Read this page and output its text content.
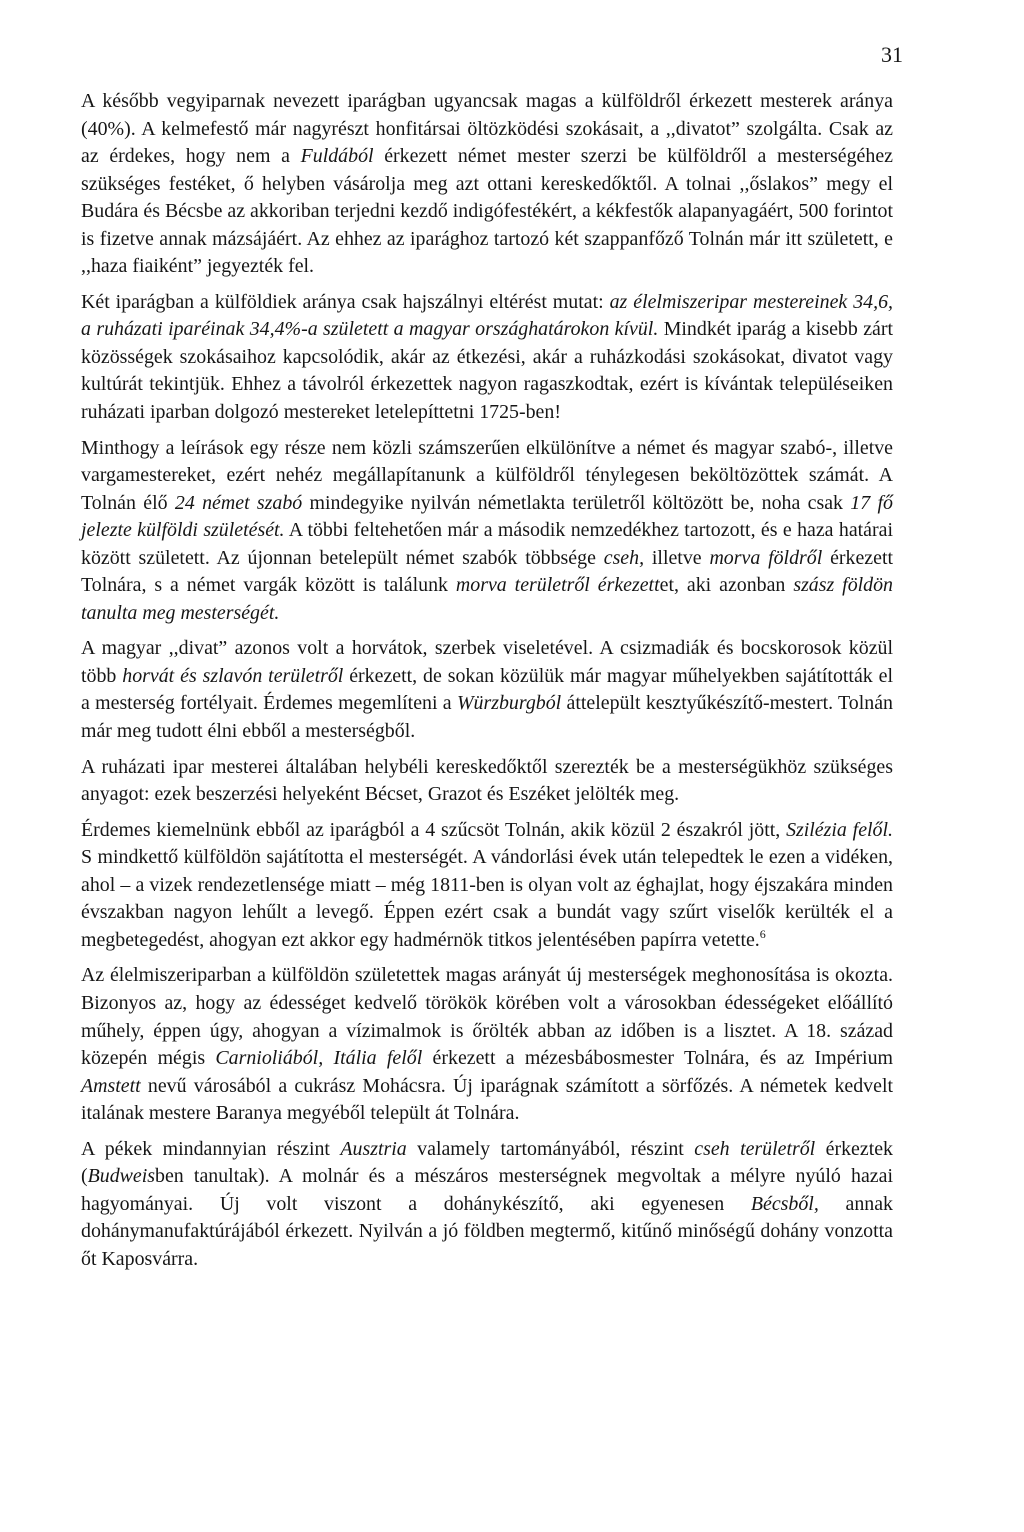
31

A később vegyiparnak nevezett iparágban ugyancsak magas a külföldről érkezett mesterek aránya (40%). A kelmefestő már nagyrészt honfitársai öltözködési szokásait, a ,,divatot” szolgálta. Csak az az érdekes, hogy nem a Fuldából érkezett német mester szerzi be külföldről a mesterségéhez szükséges festéket, ő helyben vásárolja meg azt ottani kereskedőktől. A tolnai ,,őslakos” megy el Budára és Bécsbe az akkoriban terjedni kezdő indigófestékért, a kékfestők alapanyagáért, 500 forintot is fizetve annak mázsájáért. Az ehhez az iparághoz tartozó két szappanfőző Tolnán már itt született, e ,,haza fiaiként” jegyezték fel.

Két iparágban a külföldiek aránya csak hajszálnyi eltérést mutat: az élelmiszeripar mestereinek 34,6, a ruházati iparéinak 34,4%-a született a magyar országhatárokon kívül. Mindkét iparág a kisebb zárt közösségek szokásaihoz kapcsolódik, akár az étkezési, akár a ruházkodási szokásokat, divatot vagy kultúrát tekintjük. Ehhez a távolról érkezettek nagyon ragaszkodtak, ezért is kívántak településeiken ruházati iparban dolgozó mestereket letelepíttetni 1725-ben!

Minthogy a leírások egy része nem közli számszerűen elkülönítve a német és magyar szabó-, illetve vargamestereket, ezért nehéz megállapítanunk a külföldről ténylegesen beköltözöttek számát. A Tolnán élő 24 német szabó mindegyike nyilván németlakta területről költözött be, noha csak 17 fő jelezte külföldi születését. A többi feltehetően már a második nemzedékhez tartozott, és e haza határai között született. Az újonnan betelepült német szabók többsége cseh, illetve morva földről érkezett Tolnára, s a német vargák között is találunk morva területről érkezettet, aki azonban szász földön tanulta meg mesterségét.

A magyar ,,divat” azonos volt a horvátok, szerbek viseletével. A csizmadiák és bocskorosok közül több horvát és szlavón területről érkezett, de sokan közülük már magyar műhelyekben sajátították el a mesterség fortélyait. Érdemes megemlíteni a Würzburgból áttelepült kesztyűkészítő-mestert. Tolnán már meg tudott élni ebből a mesterségből.

A ruházati ipar mesterei általában helybéli kereskedőktől szerezték be a mesterségükhöz szükséges anyagot: ezek beszerzési helyeként Bécset, Grazot és Eszéket jelölték meg.

Érdemes kiemelnünk ebből az iparágból a 4 szűcsöt Tolnán, akik közül 2 északról jött, Szilézia felől. S mindkettő külföldön sajátította el mesterségét. A vándorlási évek után telepedtek le ezen a vidéken, ahol – a vizek rendezetlensége miatt – még 1811-ben is olyan volt az éghajlat, hogy éjszakára minden évszakban nagyon lehűlt a levegő. Éppen ezért csak a bundát vagy szűrt viselők kerülték el a megbetegedést, ahogyan ezt akkor egy hadmérnök titkos jelentésében papírra vetette.$^6$

Az élelmiszeriparban a külföldön születettek magas arányát új mesterségek meghonosítása is okozta. Bizonyos az, hogy az édességet kedvelő törökök körében volt a városokban édességeket előállító műhely, éppen úgy, ahogyan a vízimalmok is őrölték abban az időben is a lisztet. A 18. század közepén mégis Carnioliából, Itália felől érkezett a mézesbábosmester Tolnára, és az Impérium Amstett nevű városából a cukrász Mohácsra. Új iparágnak számított a sörfőzés. A németek kedvelt italának mestere Baranya megyéből települt át Tolnára.

A pékek mindannyian részint Ausztria valamely tartományából, részint cseh területről érkeztek (Budweisben tanultak). A molnár és a mészáros mesterségnek megvoltak a mélyre nyúló hazai hagyományai. Új volt viszont a dohánykészítő, aki egyenesen Bécsből, annak dohánymanufaktúrájából érkezett. Nyilván a jó földben megtermő, kitűnő minőségű dohány vonzotta őt Kaposvárra.
